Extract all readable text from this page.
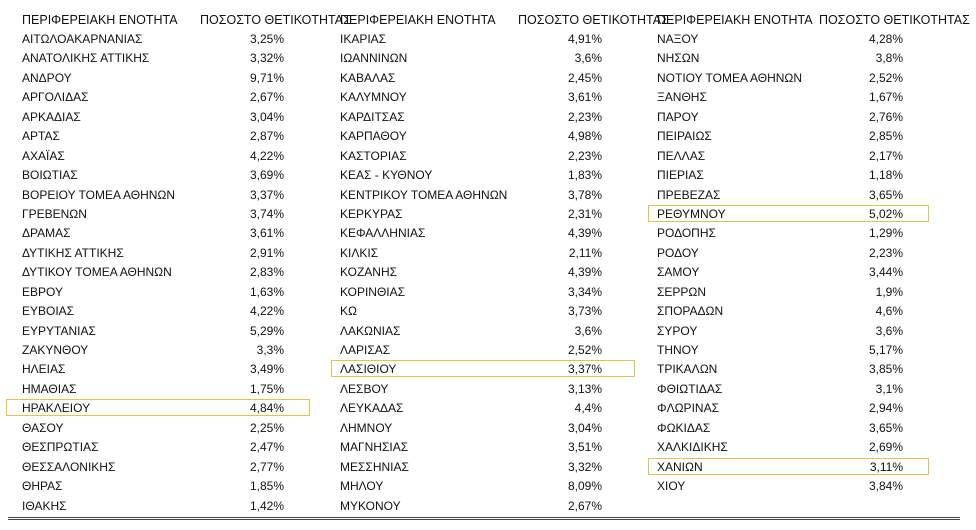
ΠΕΡΙΦΕΡΕΙΑΚΗ ΕΝΟΤΗΤΑ ΠΟΣΟΣΤΟ ΘΕΤΙΚΟΤΗΤΑΣ
ΑΙΤΩΛΟΑΚΑΡΝΑΝΙΑΣ	3,25%
ΑΝΑΤΟΛΙΚΗΣ ΑΤΤΙΚΗΣ	3,32%
ΑΝΔΡΟΥ	9,71%
ΑΡΓΟΛΙΔΑΣ	2,67%
ΑΡΚΑΔΙΑΣ	3,04%
ΑΡΤΑΣ	2,87%
ΑΧΑΪΑΣ	4,22%
ΒΟΙΩΤΙΑΣ	3,69%
ΒΟΡΕΙΟΥ ΤΟΜΕΑ ΑΘΗΝΩΝ	3,37%
ΓΡΕΒΕΝΩΝ	3,74%
ΔΡΑΜΑΣ	3,61%
ΔΥΤΙΚΗΣ ΑΤΤΙΚΗΣ	2,91%
ΔΥΤΙΚΟΥ ΤΟΜΕΑ ΑΘΗΝΩΝ	2,83%
ΕΒΡΟΥ	1,63%
ΕΥΒΟΙΑΣ	4,22%
ΕΥΡΥΤΑΝΙΑΣ	5,29%
ΖΑΚΥΝΘΟΥ	3,3%
ΗΛΕΙΑΣ	3,49%
ΗΜΑΘΙΑΣ	1,75%
ΗΡΑΚΛΕΙΟΥ	4,84%
ΘΑΣΟΥ	2,25%
ΘΕΣΠΡΩΤΙΑΣ	2,47%
ΘΕΣΣΑΛΟΝΙΚΗΣ	2,77%
ΘΗΡΑΣ	1,85%
ΙΘΑΚΗΣ	1,42%
ΠΕΡΙΦΕΡΕΙΑΚΗ ΕΝΟΤΗΤΑ ΠΟΣΟΣΤΟ ΘΕΤΙΚΟΤΗΤΑΣ
ΙΚΑΡΙΑΣ	4,91%
ΙΩΑΝΝΙΝΩΝ	3,6%
ΚΑΒΑΛΑΣ	2,45%
ΚΑΛΥΜΝΟΥ	3,61%
ΚΑΡΔΙΤΣΑΣ	2,23%
ΚΑΡΠΑΘΟΥ	4,98%
ΚΑΣΤΟΡΙΑΣ	2,23%
ΚΕΑΣ - ΚΥΘΝΟΥ	1,83%
ΚΕΝΤΡΙΚΟΥ ΤΟΜΕΑ ΑΘΗΝΩΝ	3,78%
ΚΕΡΚΥΡΑΣ	2,31%
ΚΕΦΑΛΛΗΝΙΑΣ	4,39%
ΚΙΛΚΙΣ	2,11%
ΚΟΖΑΝΗΣ	4,39%
ΚΟΡΙΝΘΙΑΣ	3,34%
ΚΩ	3,73%
ΛΑΚΩΝΙΑΣ	3,6%
ΛΑΡΙΣΑΣ	2,52%
ΛΑΣΙΘΙΟΥ	3,37%
ΛΕΣΒΟΥ	3,13%
ΛΕΥΚΑΔΑΣ	4,4%
ΛΗΜΝΟΥ	3,04%
ΜΑΓΝΗΣΙΑΣ	3,51%
ΜΕΣΣΗΝΙΑΣ	3,32%
ΜΗΛΟΥ	8,09%
ΜΥΚΟΝΟΥ	2,67%
ΠΕΡΙΦΕΡΕΙΑΚΗ ΕΝΟΤΗΤΑ ΠΟΣΟΣΤΟ ΘΕΤΙΚΟΤΗΤΑΣ
ΝΑΞΟΥ	4,28%
ΝΗΣΩΝ	3,8%
ΝΟΤΙΟΥ ΤΟΜΕΑ ΑΘΗΝΩΝ	2,52%
ΞΑΝΘΗΣ	1,67%
ΠΑΡΟΥ	2,76%
ΠΕΙΡΑΙΩΣ	2,85%
ΠΕΛΛΑΣ	2,17%
ΠΙΕΡΙΑΣ	1,18%
ΠΡΕΒΕΖΑΣ	3,65%
ΡΕΘΥΜΝΟΥ	5,02%
ΡΟΔΟΠΗΣ	1,29%
ΡΟΔΟΥ	2,23%
ΣΑΜΟΥ	3,44%
ΣΕΡΡΩΝ	1,9%
ΣΠΟΡΑΔΩΝ	4,6%
ΣΥΡΟΥ	3,6%
ΤΗΝΟΥ	5,17%
ΤΡΙΚΑΛΩΝ	3,85%
ΦΘΙΩΤΙΔΑΣ	3,1%
ΦΛΩΡΙΝΑΣ	2,94%
ΦΩΚΙΔΑΣ	3,65%
ΧΑΛΚΙΔΙΚΗΣ	2,69%
ΧΑΝΙΩΝ	3,11%
ΧΙΟΥ	3,84%
